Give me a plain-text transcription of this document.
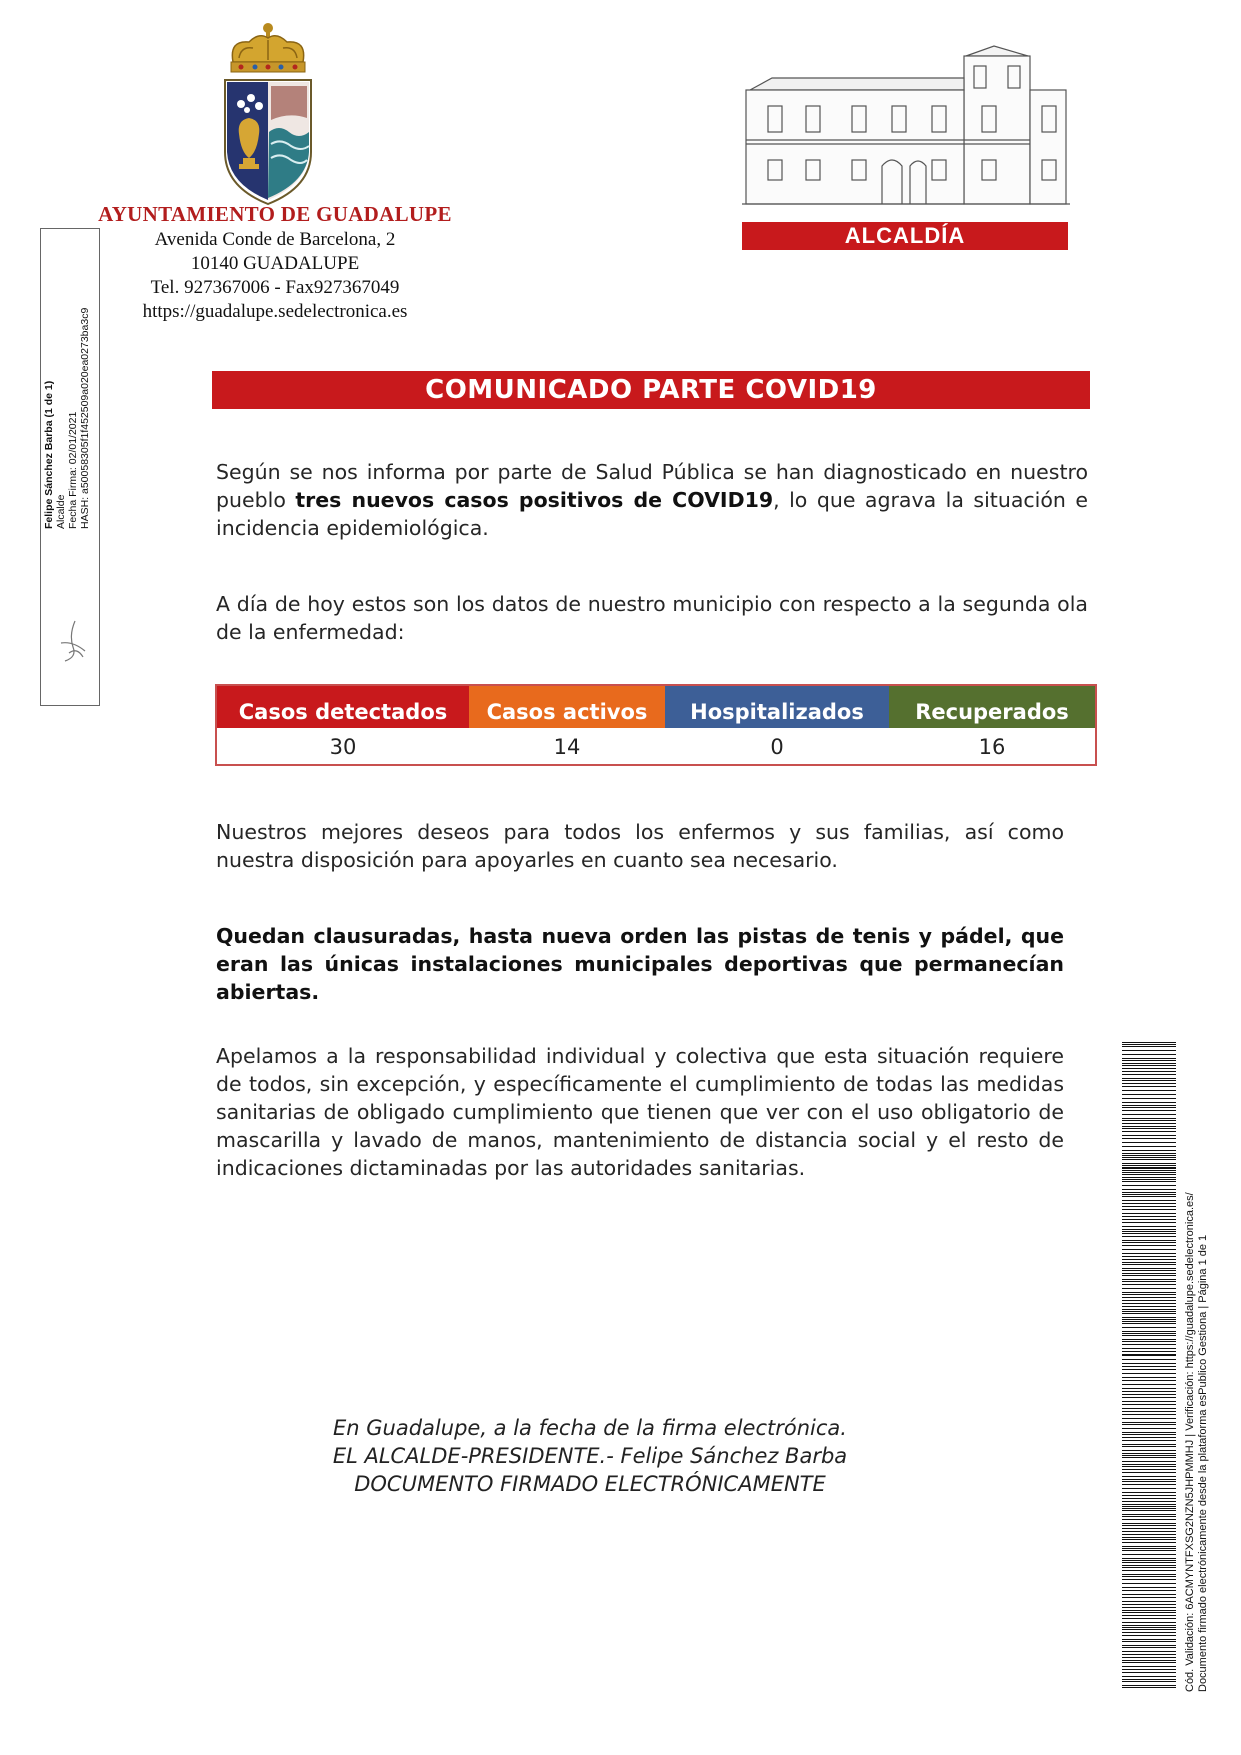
AYUNTAMIENTO DE GUADALUPE
Avenida Conde de Barcelona, 2
10140 GUADALUPE
Tel. 927367006 - Fax927367049
https://guadalupe.sedelectronica.es
ALCALDÍA
Felipe Sánchez Barba (1 de 1) Alcalde Fecha Firma: 02/01/2021 HASH: a50058305f1f452509a020ea0273ba3c9	COMUNICADO PARTE COVID19
Según se nos informa por parte de Salud Pública se han diagnosticado en nuestro pueblo tres nuevos casos positivos de COVID19, lo que agrava la situación e incidencia epidemiológica.
A día de hoy estos son los datos de nuestro municipio con respecto a la segunda ola de la enfermedad:
Casos detectados	Casos activos	Hospitalizados	Recuperados
30	14	0	16
Nuestros mejores deseos para todos los enfermos y sus familias, así como nuestra disposición para apoyarles en cuanto sea necesario.
Quedan clausuradas, hasta nueva orden las pistas de tenis y pádel, que eran las únicas instalaciones municipales deportivas que permanecían abiertas.
Apelamos a la responsabilidad individual y colectiva que esta situación requiere de todos, sin excepción, y específicamente el cumplimiento de todas las medidas sanitarias de obligado cumplimiento que tienen que ver con el uso obligatorio de mascarilla y lavado de manos, mantenimiento de distancia social y el resto de indicaciones dictaminadas por las autoridades sanitarias.
En Guadalupe, a la fecha de la firma electrónica.
EL ALCALDE-PRESIDENTE.- Felipe Sánchez Barba
DOCUMENTO FIRMADO ELECTRÓNICAMENTE	Cód. Validación: 6ACMYNTFXSG2NZN5JHPMMHJ | Verificación: https://guadalupe.sedelectronica.es/ Documento firmado electrónicamente desde la plataforma esPublico Gestiona | Página 1 de 1
